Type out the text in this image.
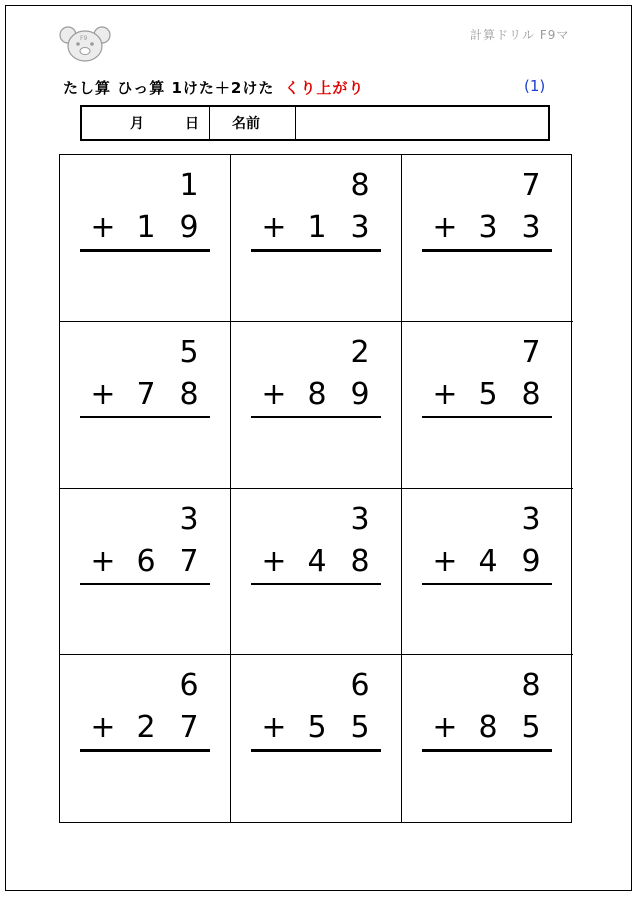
F9	計算ドリル F9マ
たし算 ひっ算 1けた＋2けた くり上がり	(1)
月	日	名前
1
+ 1 9
8
+ 1 3
7
+ 3 3
5
+ 7 8
2
+ 8 9
7
+ 5 8
3
+ 6 7
3
+ 4 8
3
+ 4 9
6
+ 2 7
6
+ 5 5
8
+ 8 5
